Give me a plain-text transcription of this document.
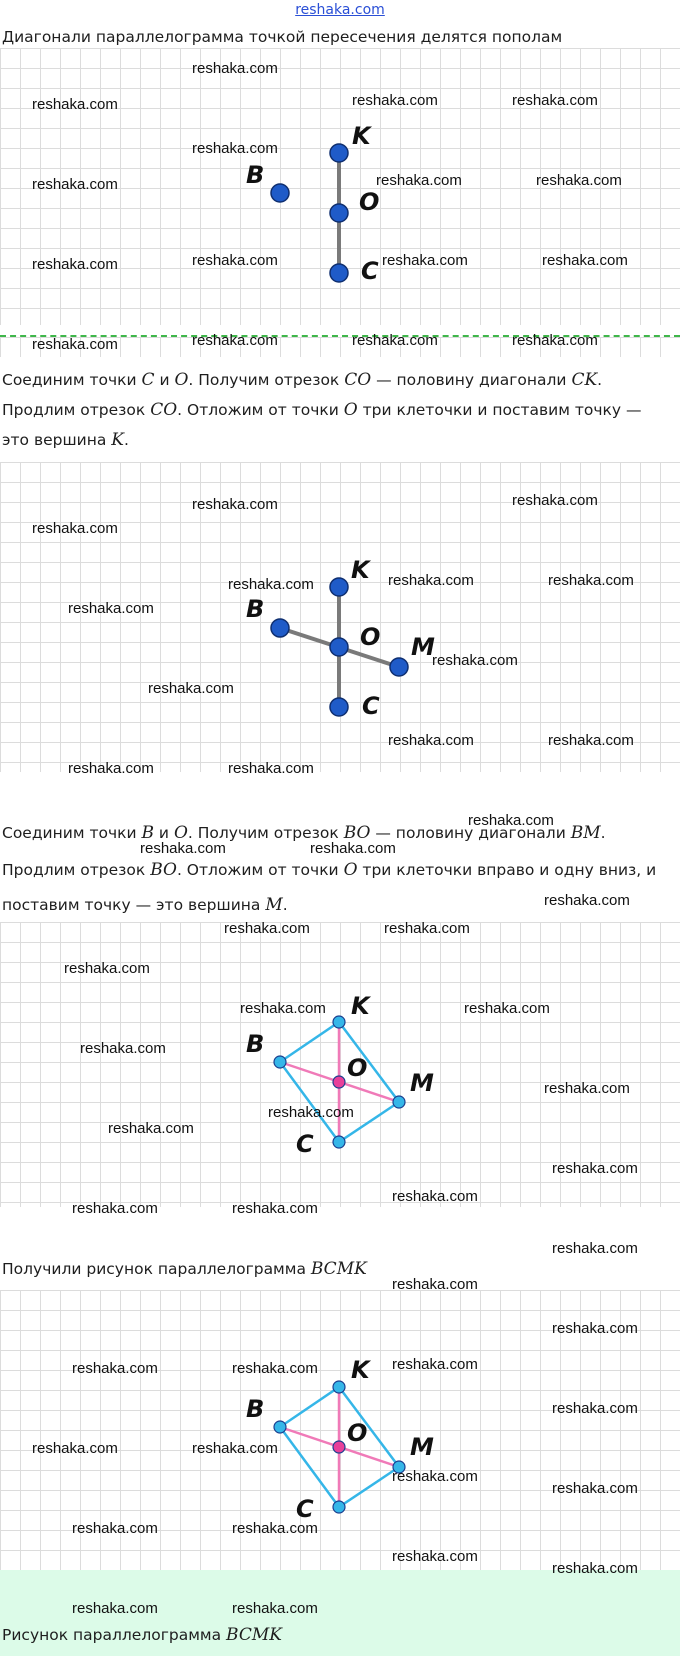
reshaka.com
Диагонали параллелограмма точкой пересечения делятся пополам
Соединим точки C и O. Получим отрезок CO — половину диагонали CK.
Продлим отрезок CO. Отложим от точки O три клеточки и поставим точку —
это вершина K.
Соединим точки B и O. Получим отрезок BO — половину диагонали BM.
Продлим отрезок BO. Отложим от точки O три клеточки вправо и одну вниз, и
поставим точку — это вершина M.
Получили рисунок параллелограмма BCMK
Рисунок параллелограмма BCMK
K
B
O
C
K
B
O M
C
K
B
O
M
C
K
B
O M
C
reshaka.com
reshaka.com	reshaka.com	reshaka.com
reshaka.com
reshaka.com	reshaka.com	reshaka.com
reshaka.com
reshaka.com	reshaka.com	reshaka.com
reshaka.com	reshaka.com	reshaka.com	reshaka.com
reshaka.com	reshaka.com
reshaka.com
reshaka.com	reshaka.com	reshaka.com
reshaka.com
reshaka.com
reshaka.com
reshaka.com	reshaka.com
reshaka.com	reshaka.com
reshaka.com
reshaka.com	reshaka.com
reshaka.com
reshaka.com	reshaka.com
reshaka.com
reshaka.com	reshaka.com
reshaka.com
reshaka.com
reshaka.com
reshaka.com
reshaka.com
reshaka.com
reshaka.com	reshaka.com
reshaka.com
reshaka.com
reshaka.com
reshaka.com	reshaka.com	reshaka.com
reshaka.com
reshaka.com	reshaka.com
reshaka.com
reshaka.com
reshaka.com	reshaka.com
reshaka.com
reshaka.com
reshaka.com	reshaka.com
